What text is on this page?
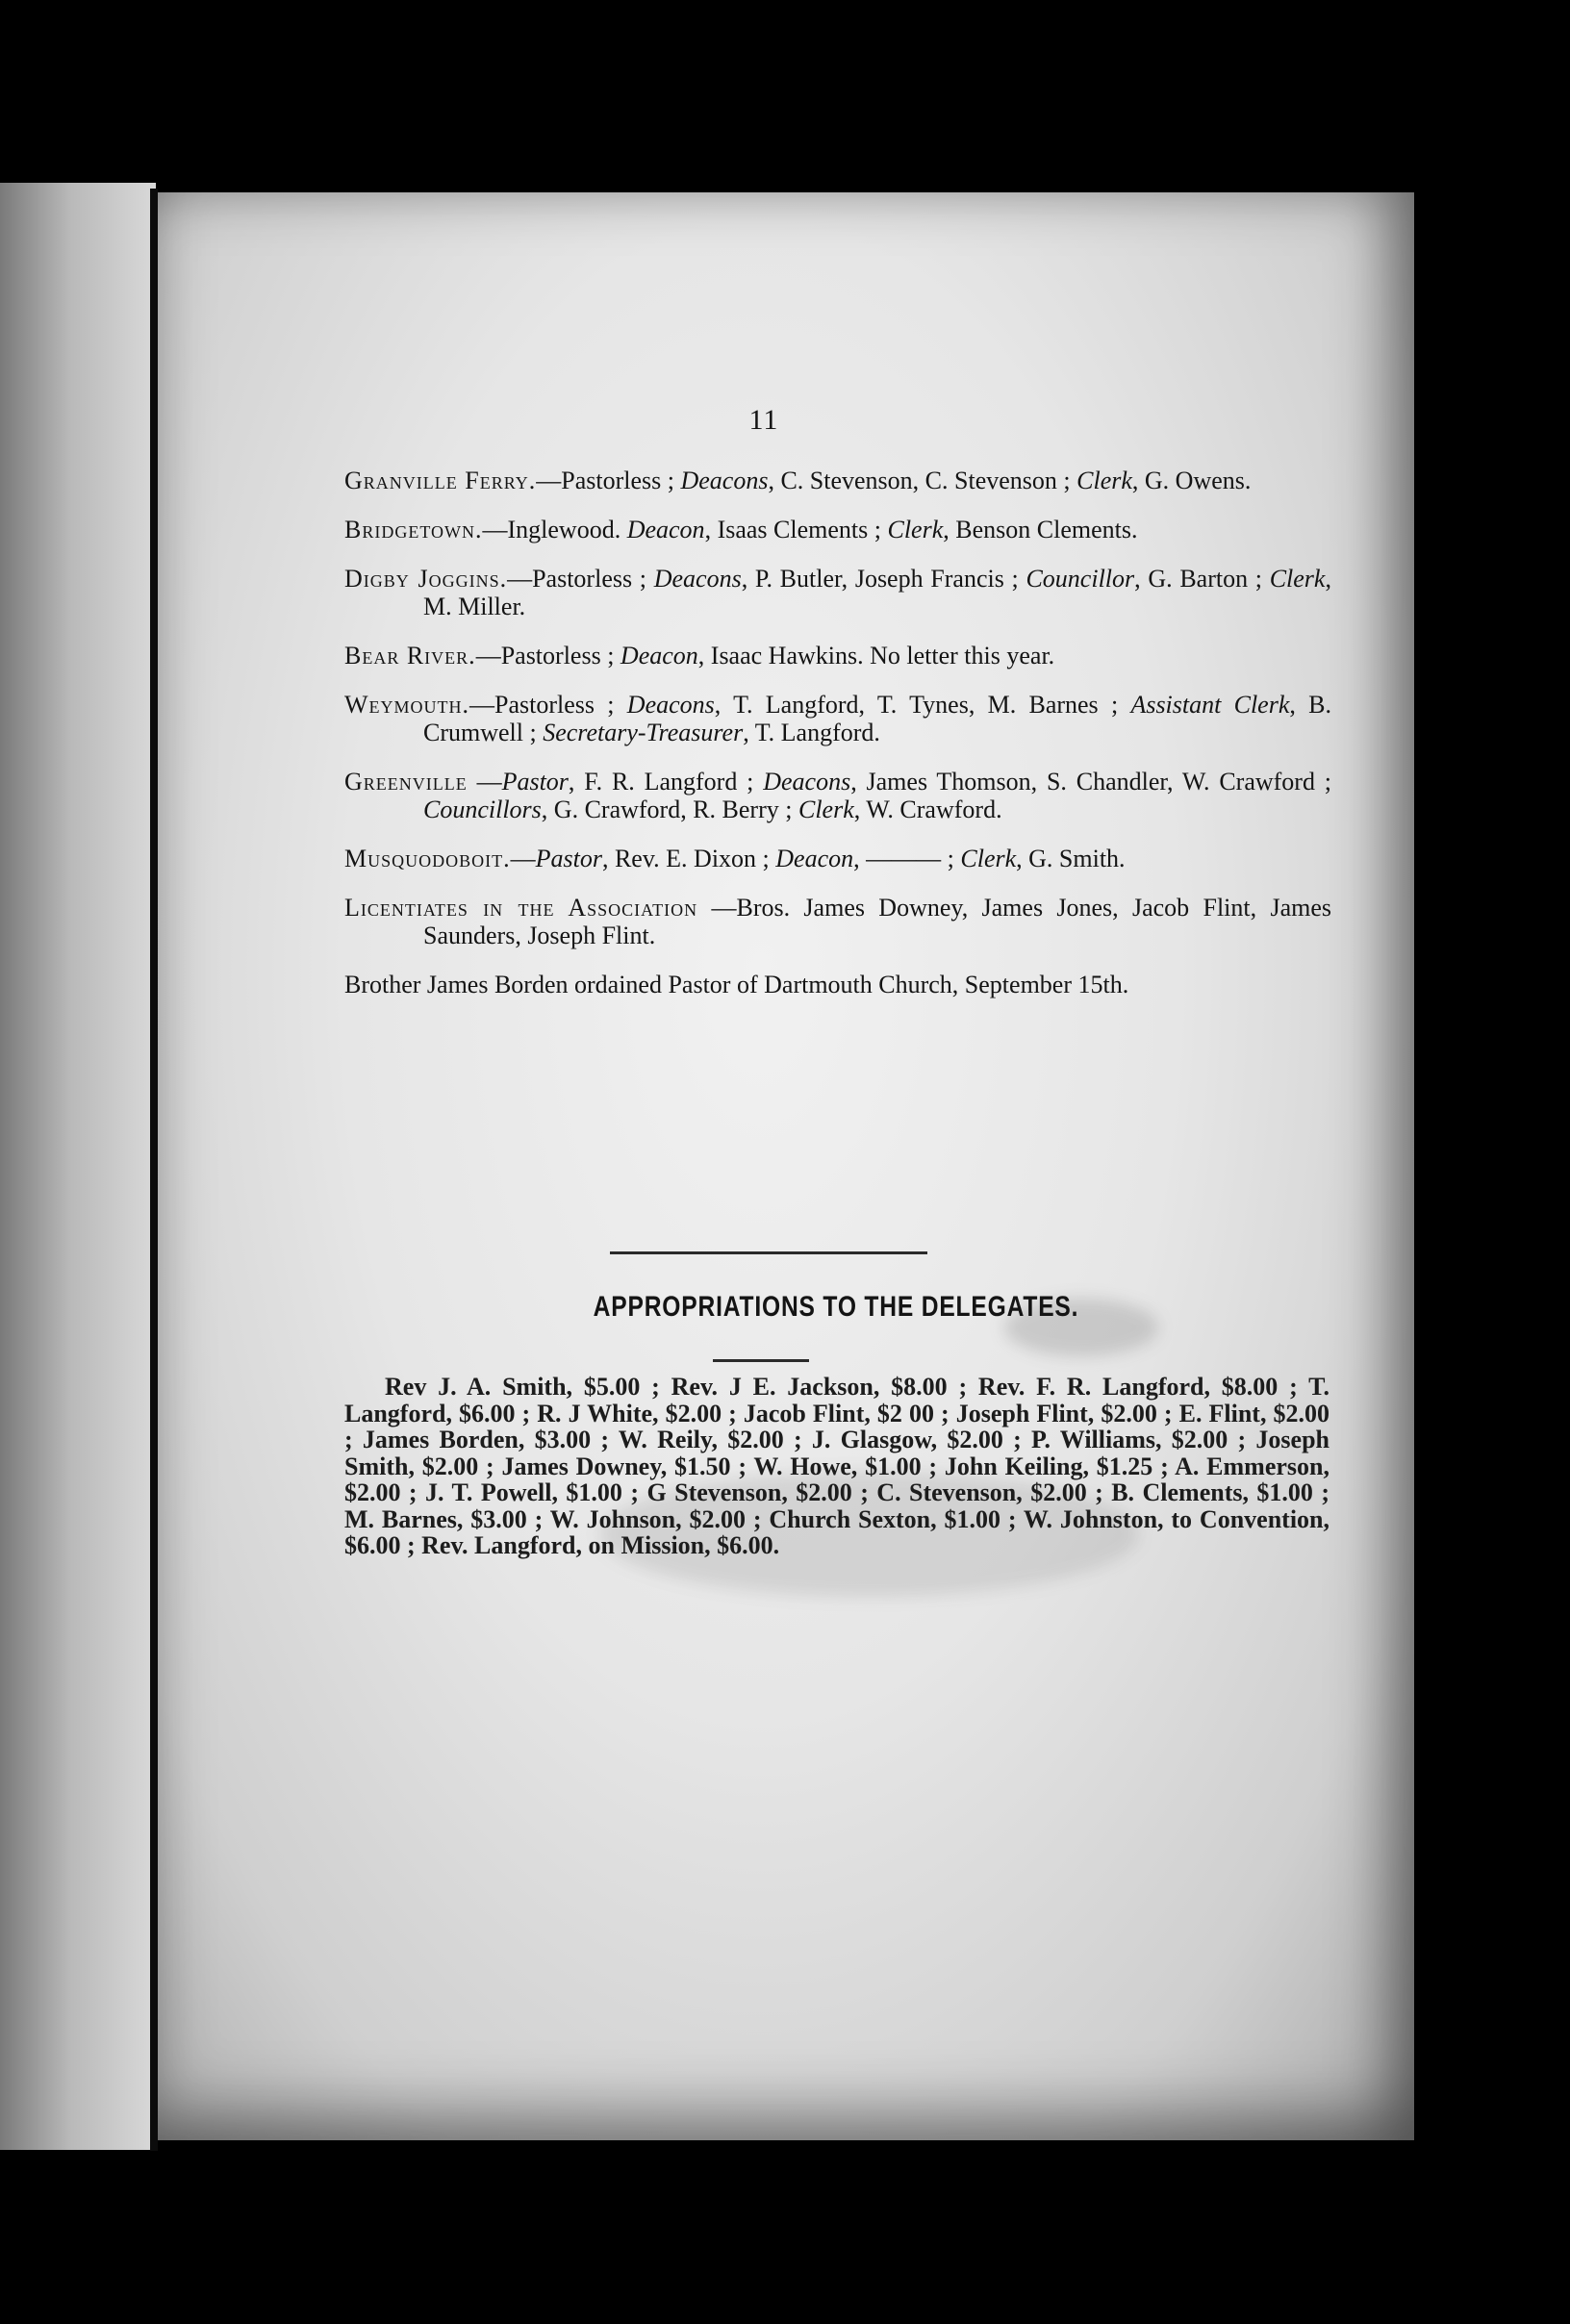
11
Granville Ferry.—Pastorless ; Deacons, C. Stevenson, C. Stevenson ; Clerk, G. Owens.
Bridgetown.—Inglewood. Deacon, Isaas Clements ; Clerk, Benson Clements.
Digby Joggins.—Pastorless ; Deacons, P. Butler, Joseph Francis ; Councillor, G. Barton ; Clerk, M. Miller.
Bear River.—Pastorless ; Deacon, Isaac Hawkins. No letter this year.
Weymouth.—Pastorless ; Deacons, T. Langford, T. Tynes, M. Barnes ; Assistant Clerk, B. Crumwell ; Secretary-Treasurer, T. Langford.
Greenville —Pastor, F. R. Langford ; Deacons, James Thomson, S. Chandler, W. Crawford ; Councillors, G. Crawford, R. Berry ; Clerk, W. Crawford.
Musquodoboit.—Pastor, Rev. E. Dixon ; Deacon, ——— ; Clerk, G. Smith.
Licentiates in the Association —Bros. James Downey, James Jones, Jacob Flint, James Saunders, Joseph Flint.
Brother James Borden ordained Pastor of Dartmouth Church, September 15th.
APPROPRIATIONS TO THE DELEGATES.
Rev J. A. Smith, $5.00 ; Rev. J E. Jackson, $8.00 ; Rev. F. R. Langford, $8.00 ; T. Langford, $6.00 ; R. J White, $2.00 ; Jacob Flint, $2 00 ; Joseph Flint, $2.00 ; E. Flint, $2.00 ; James Borden, $3.00 ; W. Reily, $2.00 ; J. Glasgow, $2.00 ; P. Williams, $2.00 ; Joseph Smith, $2.00 ; James Downey, $1.50 ; W. Howe, $1.00 ; John Keiling, $1.25 ; A. Emmerson, $2.00 ; J. T. Powell, $1.00 ; G Stevenson, $2.00 ; C. Stevenson, $2.00 ; B. Clements, $1.00 ; M. Barnes, $3.00 ; W. Johnson, $2.00 ; Church Sexton, $1.00 ; W. Johnston, to Convention, $6.00 ; Rev. Langford, on Mission, $6.00.
